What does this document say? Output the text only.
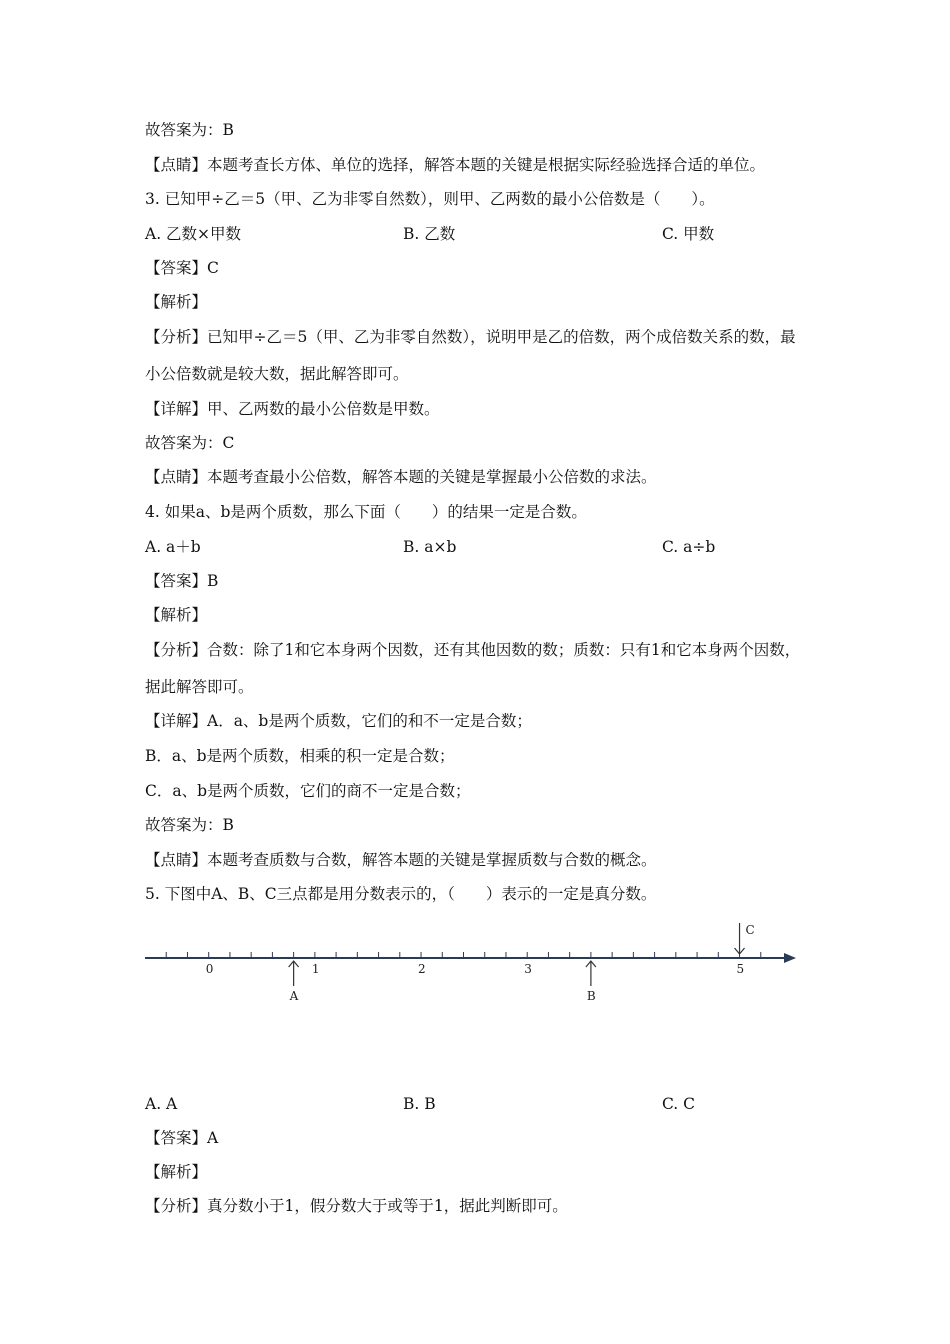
故答案为：B
【点睛】本题考查长方体、单位的选择，解答本题的关键是根据实际经验选择合适的单位。
3. 已知甲÷乙＝5（甲、乙为非零自然数），则甲、乙两数的最小公倍数是（　　）。
A. 乙数×甲数	B. 乙数	C. 甲数
【答案】C
【解析】
【分析】已知甲÷乙＝5（甲、乙为非零自然数），说明甲是乙的倍数，两个成倍数关系的数，最
小公倍数就是较大数，据此解答即可。
【详解】甲、乙两数的最小公倍数是甲数。
故答案为：C
【点睛】本题考查最小公倍数，解答本题的关键是掌握最小公倍数的求法。
4. 如果a、b是两个质数，那么下面（　　）的结果一定是合数。
A. a＋b	B. a×b	C. a÷b
【答案】B
【解析】
【分析】合数：除了1和它本身两个因数，还有其他因数的数；质数：只有1和它本身两个因数，
据此解答即可。
【详解】A．a、b是两个质数，它们的和不一定是合数；
B．a、b是两个质数，相乘的积一定是合数；
C．a、b是两个质数，它们的商不一定是合数；
故答案为：B
【点睛】本题考查质数与合数，解答本题的关键是掌握质数与合数的概念。
5. 下图中A、B、C三点都是用分数表示的，（　　）表示的一定是真分数。
0	1	2	3	5
A	B
C
A. A	B. B	C. C
【答案】A
【解析】
【分析】真分数小于1，假分数大于或等于1，据此判断即可。
